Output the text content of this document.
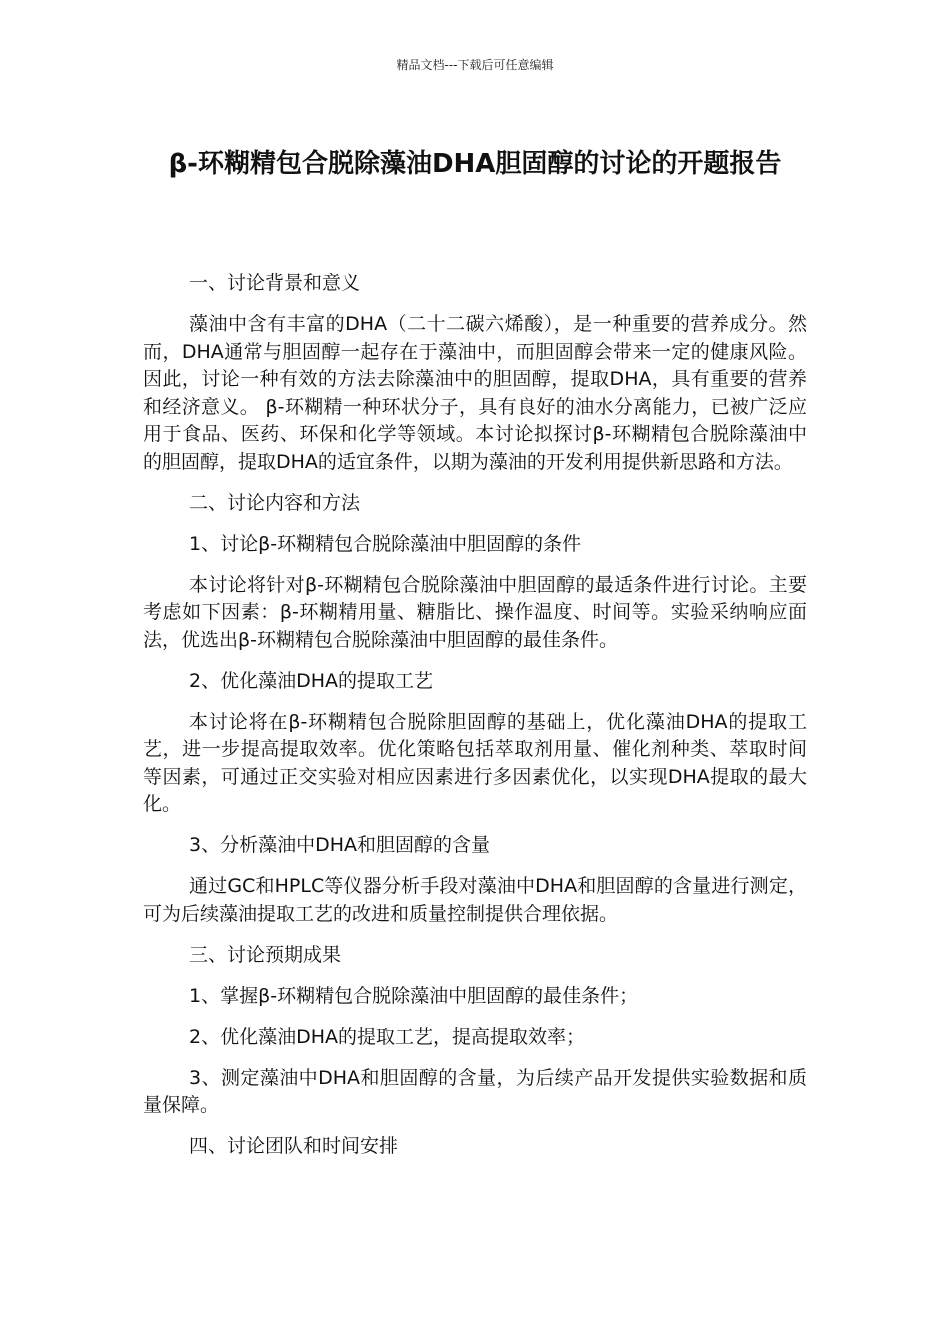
精品文档---下载后可任意编辑
β-环糊精包合脱除藻油DHA胆固醇的讨论的开题报告

一、讨论背景和意义

藻油中含有丰富的DHA（二十二碳六烯酸），是一种重要的营养成分。然而，DHA通常与胆固醇一起存在于藻油中，而胆固醇会带来一定的健康风险。因此，讨论一种有效的方法去除藻油中的胆固醇，提取DHA，具有重要的营养和经济意义。 β-环糊精一种环状分子，具有良好的油水分离能力，已被广泛应用于食品、医药、环保和化学等领域。本讨论拟探讨β-环糊精包合脱除藻油中的胆固醇，提取DHA的适宜条件，以期为藻油的开发利用提供新思路和方法。

二、讨论内容和方法

1、讨论β-环糊精包合脱除藻油中胆固醇的条件

本讨论将针对β-环糊精包合脱除藻油中胆固醇的最适条件进行讨论。主要考虑如下因素：β-环糊精用量、糖脂比、操作温度、时间等。实验采纳响应面法，优选出β-环糊精包合脱除藻油中胆固醇的最佳条件。

2、优化藻油DHA的提取工艺

本讨论将在β-环糊精包合脱除胆固醇的基础上，优化藻油DHA的提取工艺，进一步提高提取效率。优化策略包括萃取剂用量、催化剂种类、萃取时间等因素，可通过正交实验对相应因素进行多因素优化，以实现DHA提取的最大化。

3、分析藻油中DHA和胆固醇的含量

通过GC和HPLC等仪器分析手段对藻油中DHA和胆固醇的含量进行测定，可为后续藻油提取工艺的改进和质量控制提供合理依据。

三、讨论预期成果

1、掌握β-环糊精包合脱除藻油中胆固醇的最佳条件；

2、优化藻油DHA的提取工艺，提高提取效率；

3、测定藻油中DHA和胆固醇的含量，为后续产品开发提供实验数据和质量保障。

四、讨论团队和时间安排
